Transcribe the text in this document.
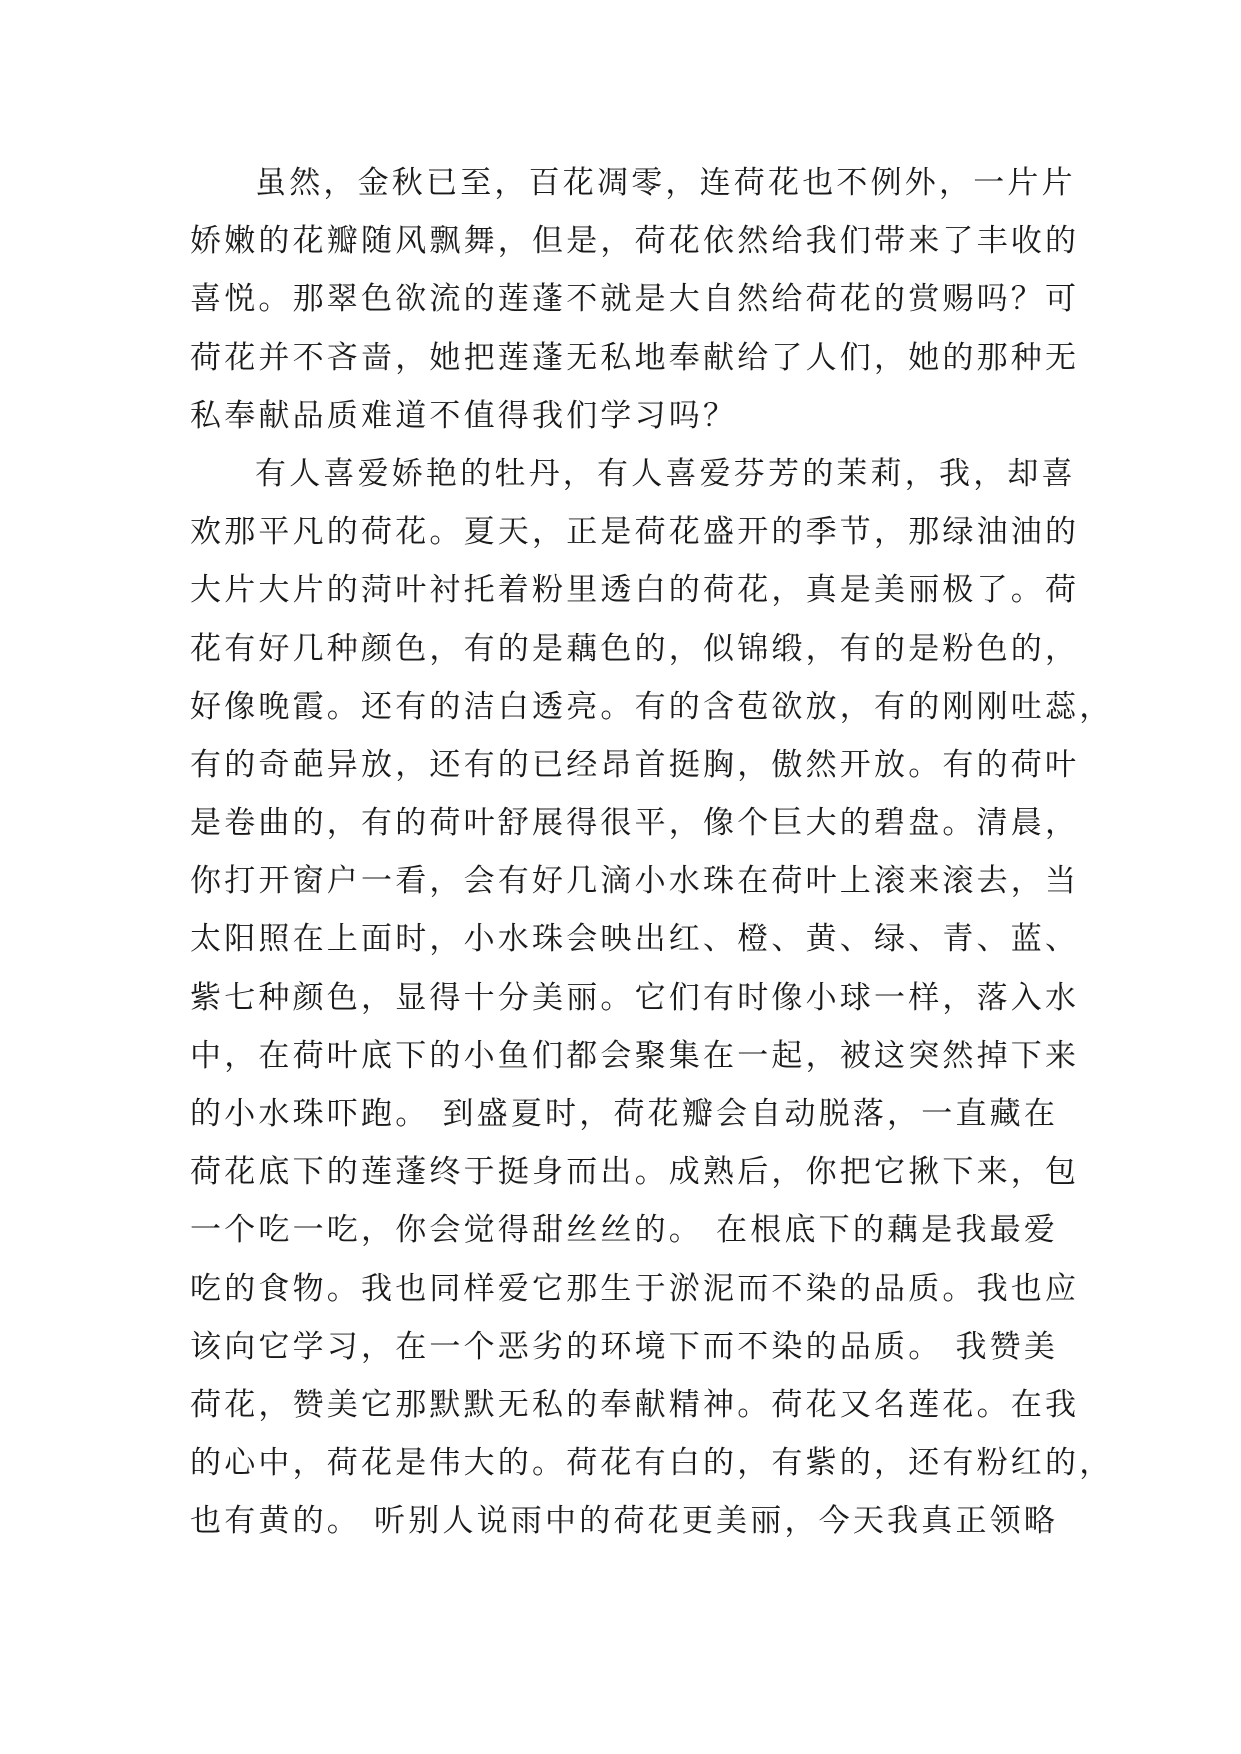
虽然，金秋已至，百花凋零，连荷花也不例外，一片片
娇嫩的花瓣随风飘舞，但是，荷花依然给我们带来了丰收的
喜悦。那翠色欲流的莲蓬不就是大自然给荷花的赏赐吗？可
荷花并不吝啬，她把莲蓬无私地奉献给了人们，她的那种无
私奉献品质难道不值得我们学习吗？
有人喜爱娇艳的牡丹，有人喜爱芬芳的茉莉，我，却喜
欢那平凡的荷花。夏天，正是荷花盛开的季节，那绿油油的
大片大片的菏叶衬托着粉里透白的荷花，真是美丽极了。荷
花有好几种颜色，有的是藕色的，似锦缎，有的是粉色的，
好像晚霞。还有的洁白透亮。有的含苞欲放，有的刚刚吐蕊，
有的奇葩异放，还有的已经昂首挺胸，傲然开放。有的荷叶
是卷曲的，有的荷叶舒展得很平，像个巨大的碧盘。清晨，
你打开窗户一看，会有好几滴小水珠在荷叶上滚来滚去，当
太阳照在上面时，小水珠会映出红、橙、黄、绿、青、蓝、
紫七种颜色，显得十分美丽。它们有时像小球一样，落入水
中，在荷叶底下的小鱼们都会聚集在一起，被这突然掉下来
的小水珠吓跑。 到盛夏时，荷花瓣会自动脱落，一直藏在
荷花底下的莲蓬终于挺身而出。成熟后，你把它揪下来，包
一个吃一吃，你会觉得甜丝丝的。 在根底下的藕是我最爱
吃的食物。我也同样爱它那生于淤泥而不染的品质。我也应
该向它学习，在一个恶劣的环境下而不染的品质。 我赞美
荷花，赞美它那默默无私的奉献精神。荷花又名莲花。在我
的心中，荷花是伟大的。荷花有白的，有紫的，还有粉红的，
也有黄的。 听别人说雨中的荷花更美丽，今天我真正领略
